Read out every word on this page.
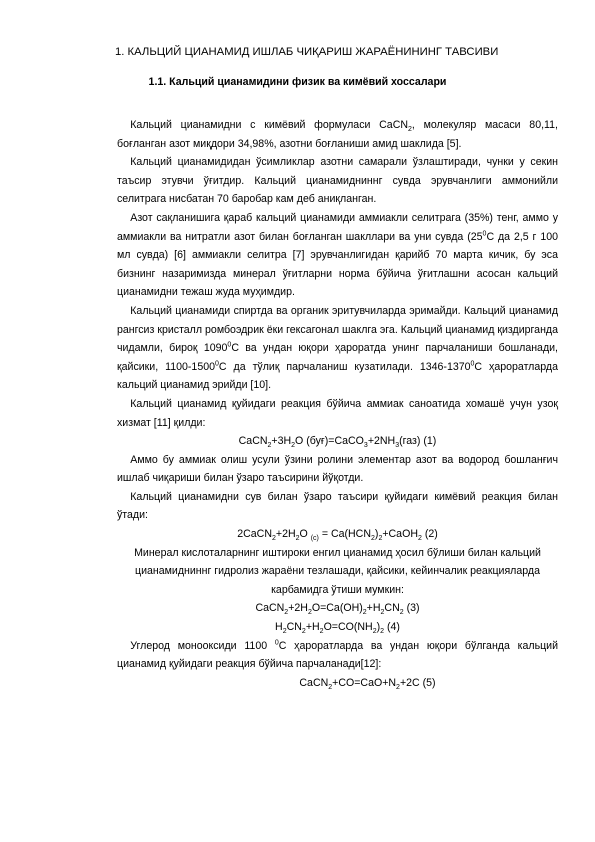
1. КАЛЬЦИЙ ЦИАНАМИД ИШЛАБ ЧИҚАРИШ ЖАРАЁНИНИНГ ТАВСИВИ
1.1. Кальций цианамидини физик ва кимёвий хоссалари

Кальций цианамидни с кимёвий формуласи CaCN$_2$, молекуляр масаси 80,11, боғланган азот миқдори 34,98%, азотни боғланиши амид шаклида [5].

Кальций цианамидидан ўсимликлар азотни самарали ўзлаштиради, чунки у секин таъсир этувчи ўғитдир. Кальций цианамидниннг сувда эрувчанлиги аммонийли селитрага нисбатан 70 баробар кам деб аниқланган.

Азот сақланишига қараб кальций цианамиди аммиакли селитрага (35%) тенг, аммо у аммиакли ва нитратли азот билан боғланган шакллари ва уни сувда ($25^0С$ да 2,5 г 100 мл сувда) [6] аммиакли селитра [7] эрувчанлигидан қарийб 70 марта кичик, бу эса бизнинг назаримизда минерал ўғитларни норма бўйича ўғитлашни асосан кальций цианамидни тежаш жуда муҳимдир.

Кальций цианамиди спиртда ва органик эритувчиларда эримайди. Кальций цианамид рангсиз кристалл ромбоэдрик ёки гексагонал шаклга эга. Кальций цианамид қиздирганда чидамли, бироқ 1090$^0$С ва ундан юқори ҳароратда унинг парчаланиши бошланади, қайсики, 1100-1500$^0$С да тўлиқ парчаланиш кузатилади. 1346-1370$^0$С ҳароратларда кальций цианамид эрийди [10].

Кальций цианамид қуйидаги реакция бўйича аммиак саноатида хомашё учун узоқ хизмат [11] қилди:

$CaCN_2+3H_2O$ $(буғ)=CaCO_3+2NH_3(газ)$ (1)

Аммо бу аммиак олиш усули ўзини ролини элементар азот ва водород бошланғич ишлаб чиқариши билан ўзаро таъсирини йўқотди.

Кальций цианамидни сув билан ўзаро таъсири қуйидаги кимёвий реакция билан ўтади:

$2CaCN_2+2H_2O$ $_{(с)} = Ca(HCN_2)_2+CaOH_2$ (2)

Минерал кислоталарнинг иштироки енгил цианамид ҳосил бўлиши билан кальций

цианамидниннг гидролиз жараёни тезлашади, қайсики, кейинчалик реакцияларда

карбамидга ўтиши мумкин:

$CaCN_2+2H_2O=Ca(OH)_2+H_2CN_2$ (3)

$H_2CN_2+H_2O=CO(NH_2)_2$ (4)

Углерод монооксиди 1100 $^0$С ҳароратларда ва ундан юқори бўлганда кальций цианамид қуйидаги реакция бўйича парчаланади[12]:

$CaCN_2+CO=CaO+N_2+2C$ (5)
